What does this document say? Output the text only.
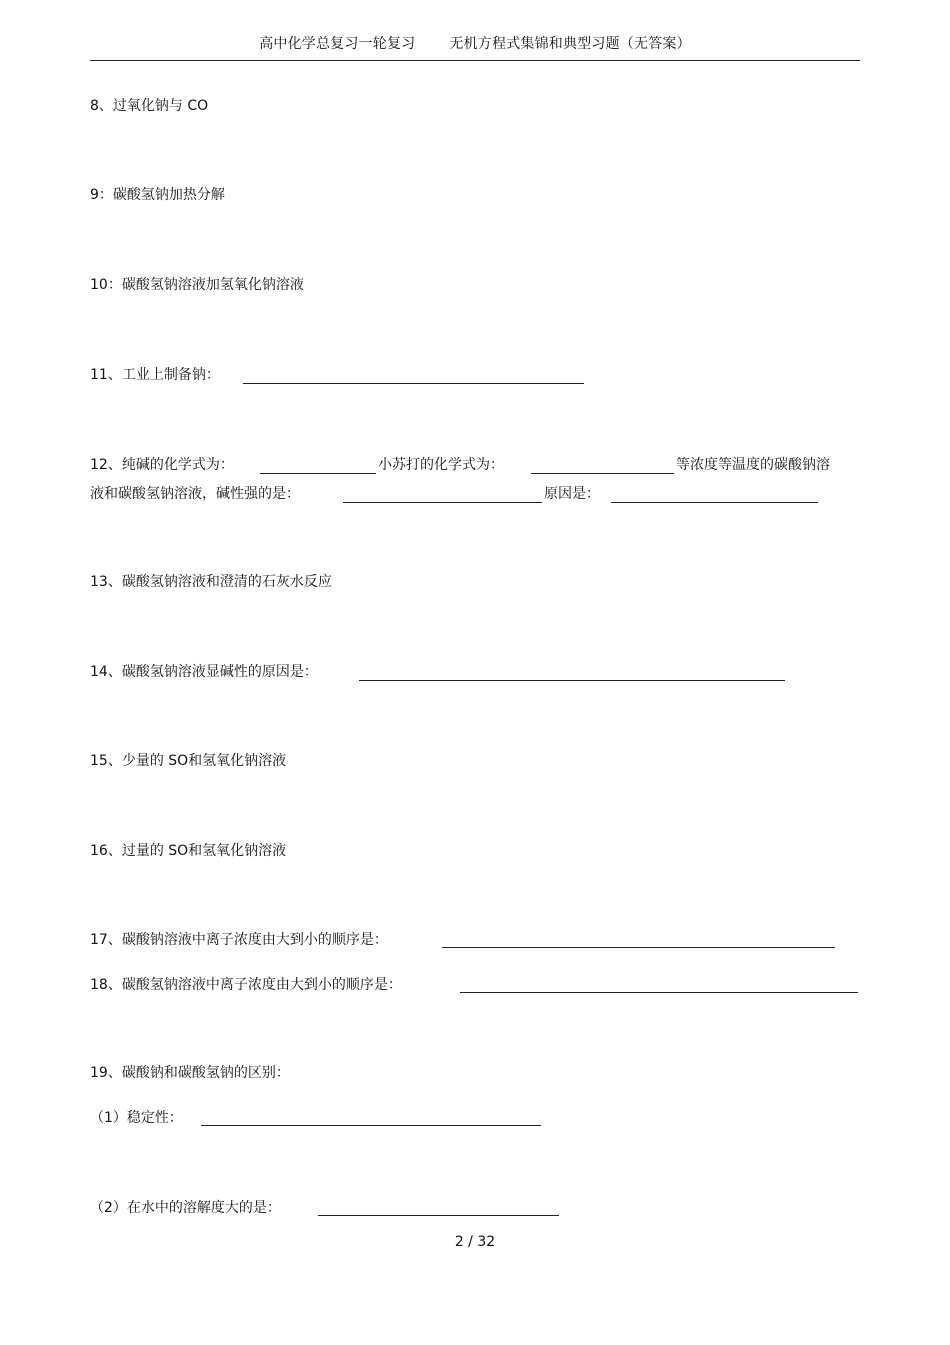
高中化学总复习一轮复习 无机方程式集锦和典型习题（无答案）
8、过氧化钠与 CO
9：碳酸氢钠加热分解
10：碳酸氢钠溶液加氢氧化钠溶液
11、工业上制备钠：
12、纯碱的化学式为：	小苏打的化学式为：	等浓度等温度的碳酸钠溶
液和碳酸氢钠溶液，碱性强的是：	原因是：
13、碳酸氢钠溶液和澄清的石灰水反应
14、碳酸氢钠溶液显碱性的原因是：
15、少量的 SO和氢氧化钠溶液
16、过量的 SO和氢氧化钠溶液
17、碳酸钠溶液中离子浓度由大到小的顺序是：
18、碳酸氢钠溶液中离子浓度由大到小的顺序是：
19、碳酸钠和碳酸氢钠的区别：
（1）稳定性：
（2）在水中的溶解度大的是：
2 / 32
